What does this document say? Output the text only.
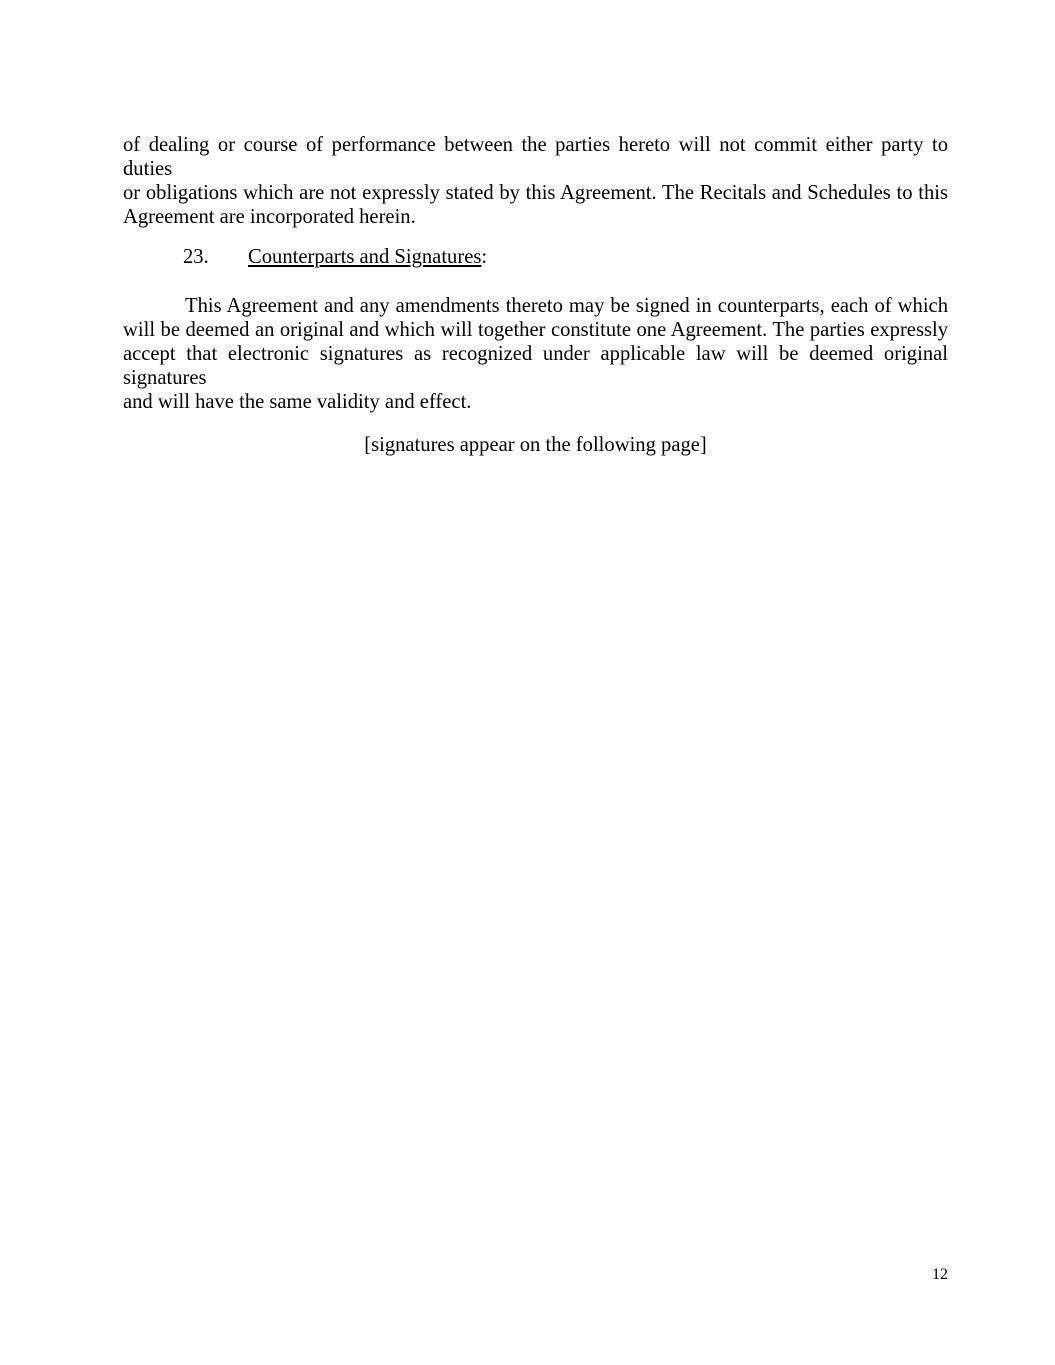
of dealing or course of performance between the parties hereto will not commit either party to duties
or obligations which are not expressly stated by this Agreement. The Recitals and Schedules to this
Agreement are incorporated herein.
23. Counterparts and Signatures:
This Agreement and any amendments thereto may be signed in counterparts, each of which
will be deemed an original and which will together constitute one Agreement. The parties expressly
accept that electronic signatures as recognized under applicable law will be deemed original signatures
and will have the same validity and effect.
[signatures appear on the following page]
12
